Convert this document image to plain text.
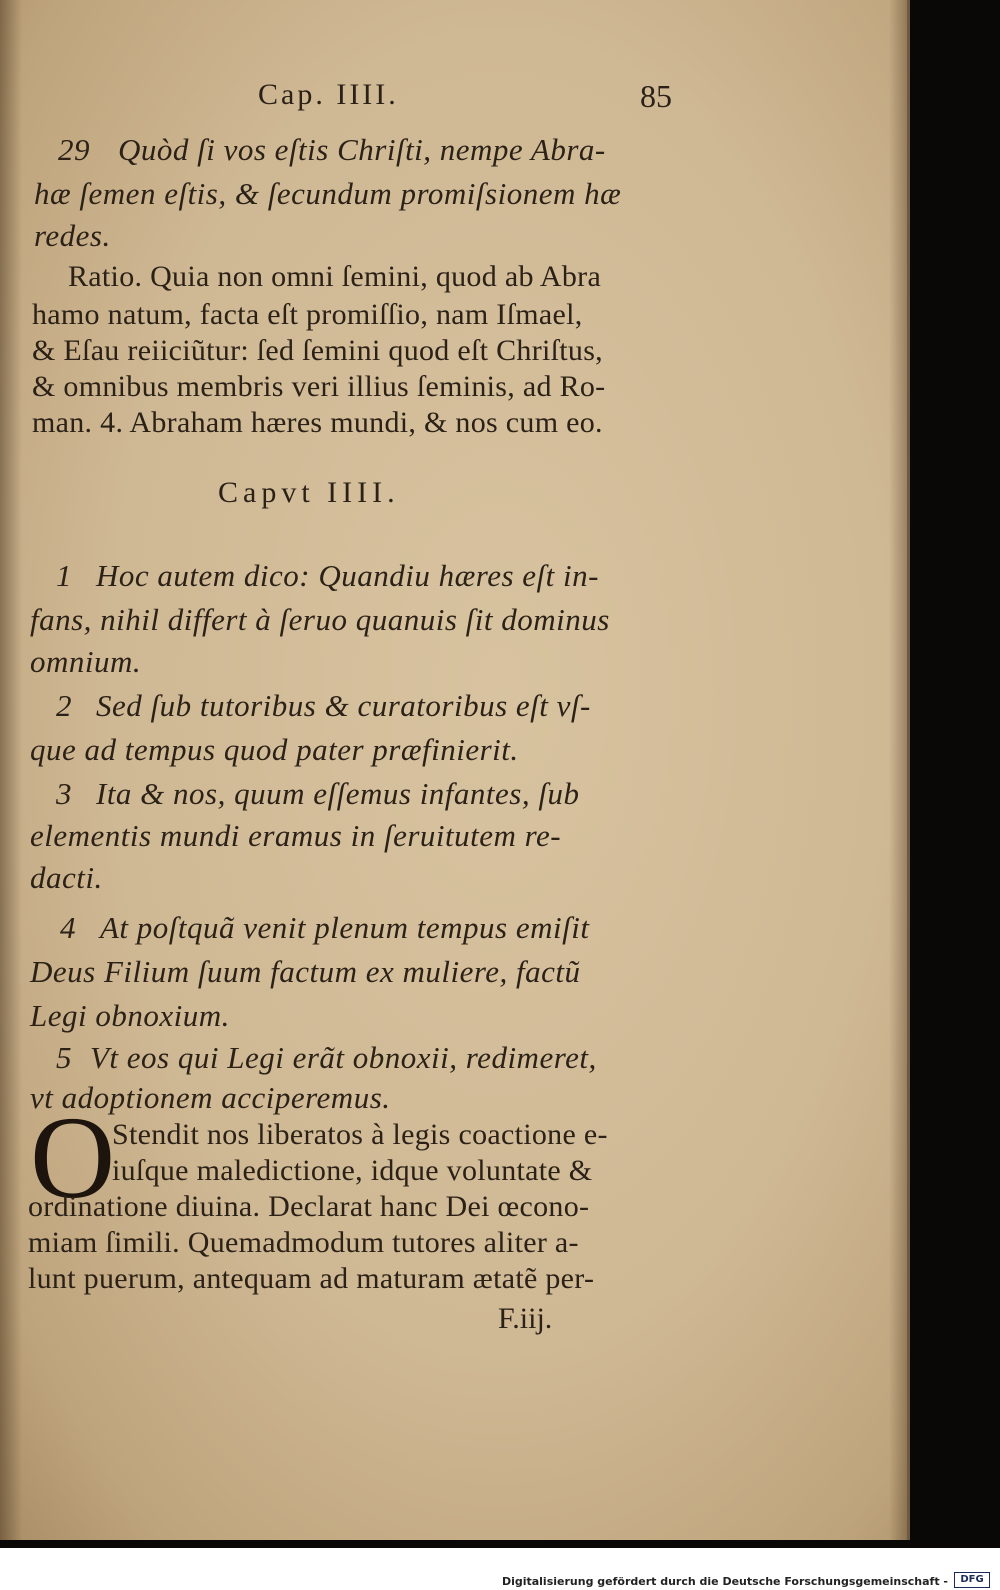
Cap. IIII.	85
29 Quòd ſi vos eſtis Chriſti, nempe Abra-
hæ ſemen eſtis, & ſecundum promiſsionem hæ
redes.
Ratio. Quia non omni ſemini, quod ab Abra
hamo natum, facta eſt promiſſio, nam Iſmael,
& Eſau reiiciũtur: ſed ſemini quod eſt Chriſtus,
& omnibus membris veri illius ſeminis, ad Ro-
man. 4. Abraham hæres mundi, & nos cum eo.
Capvt IIII.
1 Hoc autem dico: Quandiu hæres eſt in-
fans, nihil differt à ſeruo quanuis ſit dominus
omnium.
2 Sed ſub tutoribus & curatoribus eſt vſ-
que ad tempus quod pater præfinierit.
3 Ita & nos, quum eſſemus infantes, ſub
elementis mundi eramus in ſeruitutem re-
dacti.
4 At poſtquã venit plenum tempus emiſit
Deus Filium ſuum factum ex muliere, factũ
Legi obnoxium.
5 Vt eos qui Legi erãt obnoxii, redimeret,
vt adoptionem acciperemus.
O
Stendit nos liberatos à legis coactione e-
iuſque maledictione, idque voluntate &
ordinatione diuina. Declarat hanc Dei œcono-
miam ſimili. Quemadmodum tutores aliter a-
lunt puerum, antequam ad maturam ætatẽ per-
F.iij.
Digitalisierung gefördert durch die Deutsche Forschungsgemeinschaft -	DFG
